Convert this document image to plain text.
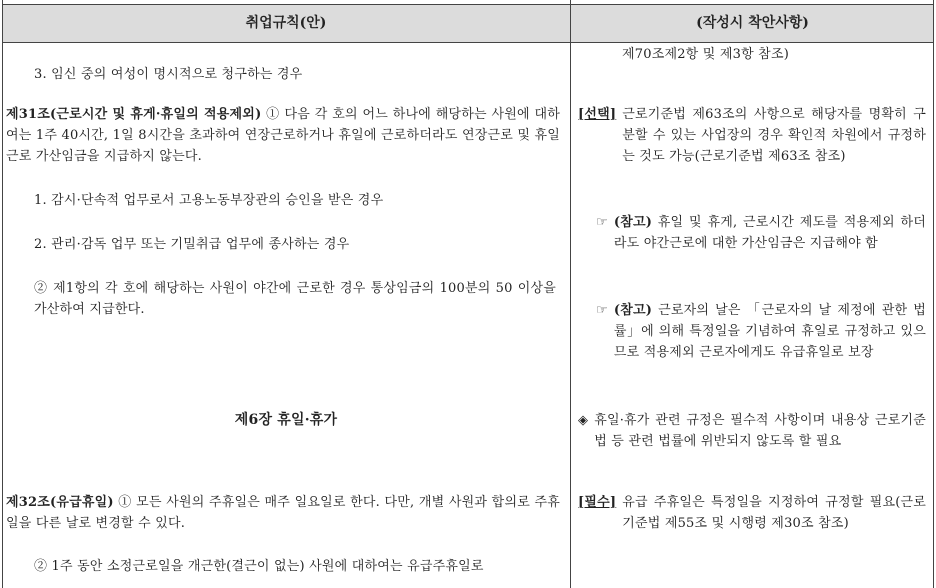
취업규칙(안)	(작성시 착안사항)
3. 임신 중의 여성이 명시적으로 청구하는 경우
제31조(근로시간 및 휴게·휴일의 적용제외) ① 다음 각 호의 어느 하나에 해당하는 사원에 대하여는 1주 40시간, 1일 8시간을 초과하여 연장근로하거나 휴일에 근로하더라도 연장근로 및 휴일근로 가산임금을 지급하지 않는다.
1. 감시·단속적 업무로서 고용노동부장관의 승인을 받은 경우
2. 관리·감독 업무 또는 기밀취급 업무에 종사하는 경우
② 제1항의 각 호에 해당하는 사원이 야간에 근로한 경우 통상임금의 100분의 50 이상을 가산하여 지급한다.
제6장 휴일·휴가
제32조(유급휴일) ① 모든 사원의 주휴일은 매주 일요일로 한다. 다만, 개별 사원과 합의로 주휴일을 다른 날로 변경할 수 있다.
② 1주 동안 소정근로일을 개근한(결근이 없는) 사원에 대하여는 유급주휴일로
제70조제2항 및 제3항 참조)
[선택] 근로기준법 제63조의 사항으로 해당자를 명확히 구분할 수 있는 사업장의 경우 확인적 차원에서 규정하는 것도 가능(근로기준법 제63조 참조)
☞ (참고) 휴일 및 휴게, 근로시간 제도를 적용제외 하더라도 야간근로에 대한 가산임금은 지급해야 함
☞ (참고) 근로자의 날은 「근로자의 날 제정에 관한 법률」에 의해 특정일을 기념하여 휴일로 규정하고 있으므로 적용제외 근로자에게도 유급휴일로 보장
◈ 휴일·휴가 관련 규정은 필수적 사항이며 내용상 근로기준법 등 관련 법률에 위반되지 않도록 할 필요
[필수] 유급 주휴일은 특정일을 지정하여 규정할 필요(근로기준법 제55조 및 시행령 제30조 참조)
